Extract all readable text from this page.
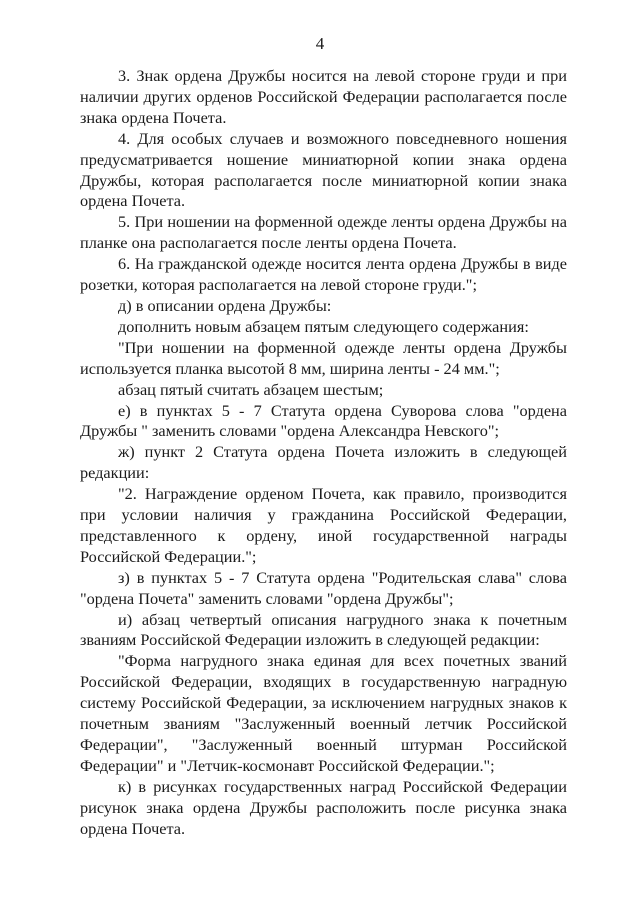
4

3. Знак ордена Дружбы носится на левой стороне груди и при наличии других орденов Российской Федерации располагается после знака ордена Почета.

4. Для особых случаев и возможного повседневного ношения предусматривается ношение миниатюрной копии знака ордена Дружбы, которая располагается после миниатюрной копии знака ордена Почета.

5. При ношении на форменной одежде ленты ордена Дружбы на планке она располагается после ленты ордена Почета.

6. На гражданской одежде носится лента ордена Дружбы в виде розетки, которая располагается на левой стороне груди.";

д) в описании ордена Дружбы:

дополнить новым абзацем пятым следующего содержания:

"При ношении на форменной одежде ленты ордена Дружбы используется планка высотой 8 мм, ширина ленты - 24 мм.";

абзац пятый считать абзацем шестым;

е) в пунктах 5 - 7 Статута ордена Суворова слова "ордена Дружбы " заменить словами "ордена Александра Невского";

ж) пункт 2 Статута ордена Почета изложить в следующей редакции:

"2. Награждение орденом Почета, как правило, производится при условии наличия у гражданина Российской Федерации, представленного к ордену, иной государственной награды Российской Федерации.";

з) в пунктах 5 - 7 Статута ордена "Родительская слава" слова "ордена Почета" заменить словами "ордена Дружбы";

и) абзац четвертый описания нагрудного знака к почетным званиям Российской Федерации изложить в следующей редакции:

"Форма нагрудного знака единая для всех почетных званий Российской Федерации, входящих в государственную наградную систему Российской Федерации, за исключением нагрудных знаков к почетным званиям "Заслуженный военный летчик Российской Федерации", "Заслуженный военный штурман Российской Федерации" и "Летчик-космонавт Российской Федерации.";

к) в рисунках государственных наград Российской Федерации рисунок знака ордена Дружбы расположить после рисунка знака ордена Почета.
